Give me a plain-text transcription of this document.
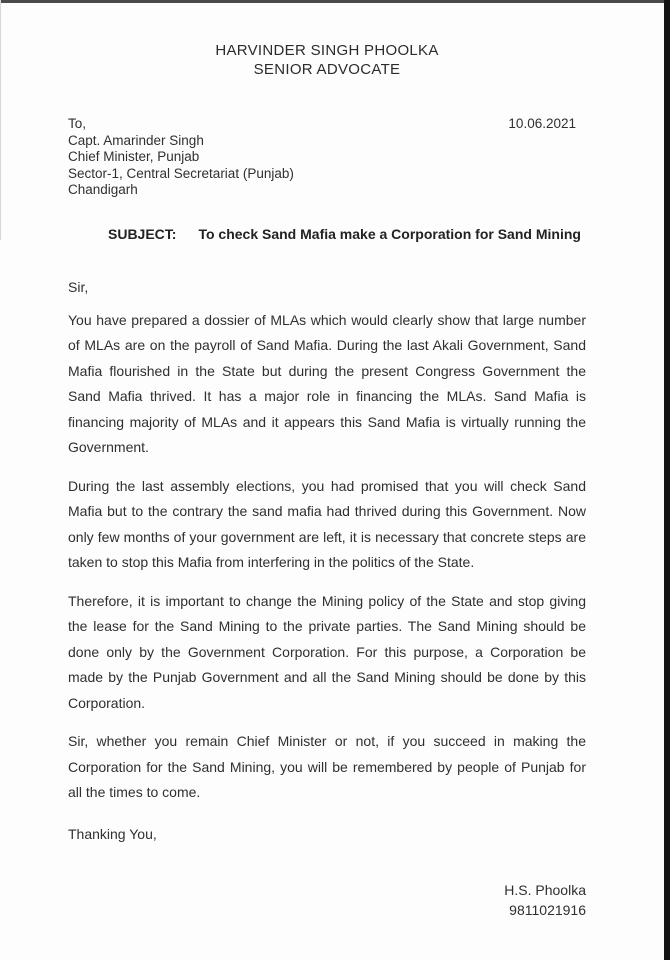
HARVINDER SINGH PHOOLKA
SENIOR ADVOCATE
To,
Capt. Amarinder Singh
Chief Minister, Punjab
Sector-1, Central Secretariat (Punjab)
Chandigarh
10.06.2021
SUBJECT: To check Sand Mafia make a Corporation for Sand Mining
Sir,

You have prepared a dossier of MLAs which would clearly show that large number of MLAs are on the payroll of Sand Mafia. During the last Akali Government, Sand Mafia flourished in the State but during the present Congress Government the Sand Mafia thrived. It has a major role in financing the MLAs. Sand Mafia is financing majority of MLAs and it appears this Sand Mafia is virtually running the Government.

During the last assembly elections, you had promised that you will check Sand Mafia but to the contrary the sand mafia had thrived during this Government. Now only few months of your government are left, it is necessary that concrete steps are taken to stop this Mafia from interfering in the politics of the State.

Therefore, it is important to change the Mining policy of the State and stop giving the lease for the Sand Mining to the private parties. The Sand Mining should be done only by the Government Corporation. For this purpose, a Corporation be made by the Punjab Government and all the Sand Mining should be done by this Corporation.

Sir, whether you remain Chief Minister or not, if you succeed in making the Corporation for the Sand Mining, you will be remembered by people of Punjab for all the times to come.

Thanking You,
H.S. Phoolka
9811021916
